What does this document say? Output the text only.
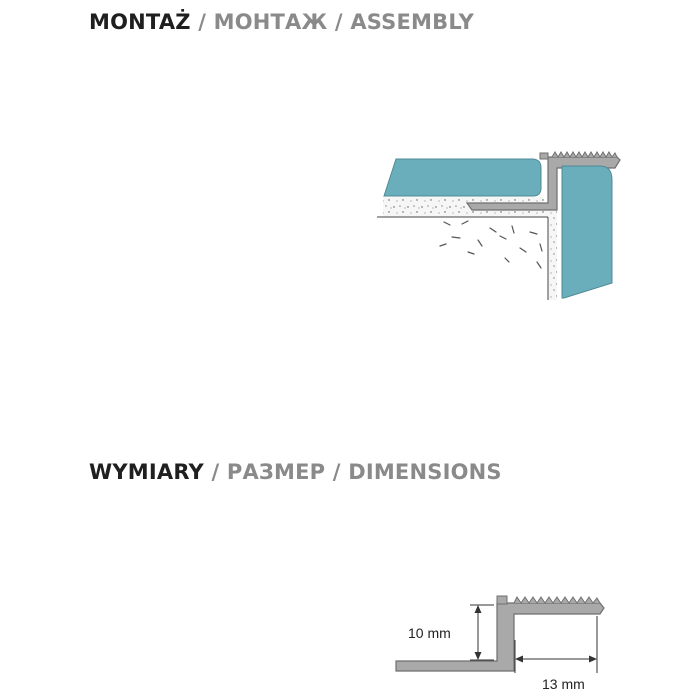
MONTAŻ / МОНТАЖ / ASSEMBLY
WYMIARY / РАЗМЕР / DIMENSIONS
10 mm
13 mm
